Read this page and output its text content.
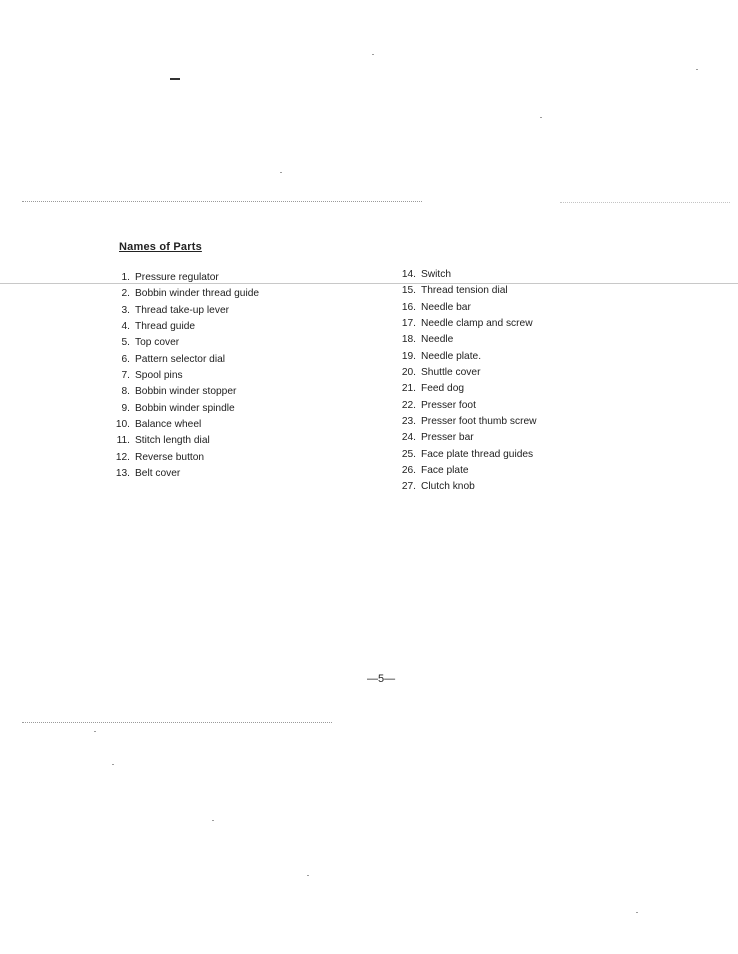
Names of Parts
1. Pressure regulator
2. Bobbin winder thread guide
3. Thread take-up lever
4. Thread guide
5. Top cover
6. Pattern selector dial
7. Spool pins
8. Bobbin winder stopper
9. Bobbin winder spindle
10. Balance wheel
11. Stitch length dial
12. Reverse button
13. Belt cover
14. Switch
15. Thread tension dial
16. Needle bar
17. Needle clamp and screw
18. Needle
19. Needle plate.
20. Shuttle cover
21. Feed dog
22. Presser foot
23. Presser foot thumb screw
24. Presser bar
25. Face plate thread guides
26. Face plate
27. Clutch knob
—5—
